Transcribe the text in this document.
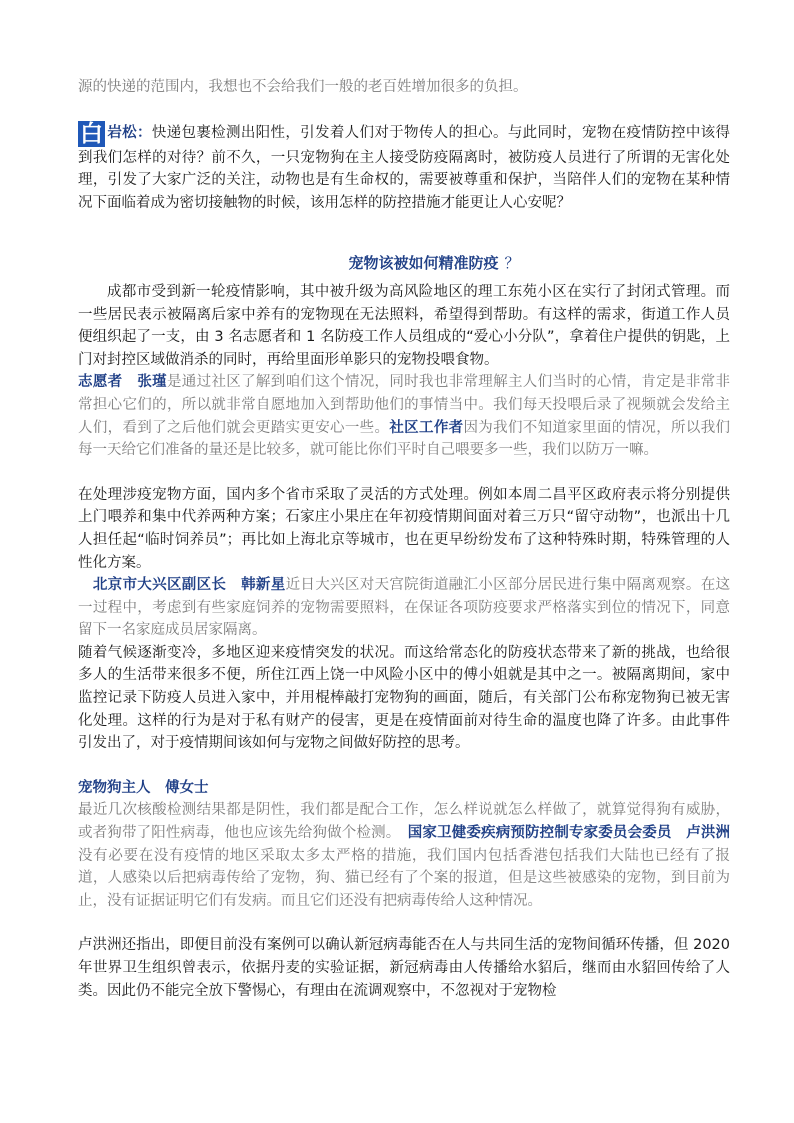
源的快递的范围内，我想也不会给我们一般的老百姓增加很多的负担。

白 岩松：快递包裹检测出阳性，引发着人们对于物传人的担心。与此同时，宠物在疫情防控中该得到我们怎样的对待？前不久，一只宠物狗在主人接受防疫隔离时，被防疫人员进行了所谓的无害化处理，引发了大家广泛的关注，动物也是有生命权的，需要被尊重和保护，当陪伴人们的宠物在某种情况下面临着成为密切接触物的时候，该用怎样的防控措施才能更让人心安呢？

宠物该被如何精准防疫 ？

成都市受到新一轮疫情影响，其中被升级为高风险地区的理工东苑小区在实行了封闭式管理。而一些居民表示被隔离后家中养有的宠物现在无法照料，希望得到帮助。有这样的需求，街道工作人员便组织起了一支，由 3 名志愿者和 1 名防疫工作人员组成的“爱心小分队”，拿着住户提供的钥匙，上门对封控区域做消杀的同时，再给里面形单影只的宠物投喂食物。

志愿者　 张瑾是通过社区了解到咱们这个情况，同时我也非常理解主人们当时的心情，肯定是非常非常担心它们的，所以就非常自愿地加入到帮助他们的事情当中。我们每天投喂后录了视频就会发给主人们，看到了之后他们就会更踏实更安心一些。社区工作者因为我们不知道家里面的情况，所以我们每一天给它们准备的量还是比较多，就可能比你们平时自己喂要多一些，我们以防万一嘛。

在处理涉疫宠物方面，国内多个省市采取了灵活的方式处理。例如本周二昌平区政府表示将分别提供上门喂养和集中代养两种方案；石家庄小果庄在年初疫情期间面对着三万只“留守动物”，也派出十几人担任起“临时饲养员”；再比如上海北京等城市，也在更早纷纷发布了这种特殊时期，特殊管理的人性化方案。

　北京市大兴区副区长　 韩新星近日大兴区对天宫院街道融汇小区部分居民进行集中隔离观察。在这一过程中，考虑到有些家庭饲养的宠物需要照料，在保证各项防疫要求严格落实到位的情况下，同意留下一名家庭成员居家隔离。

随着气候逐渐变冷，多地区迎来疫情突发的状况。而这给常态化的防疫状态带来了新的挑战，也给很多人的生活带来很多不便，所住江西上饶一中风险小区中的傅小姐就是其中之一。被隔离期间，家中监控记录下防疫人员进入家中，并用棍棒敲打宠物狗的画面，随后，有关部门公布称宠物狗已被无害化处理。这样的行为是对于私有财产的侵害，更是在疫情面前对待生命的温度也降了许多。由此事件引发出了，对于疫情期间该如何与宠物之间做好防控的思考。

宠物狗主人　傅女士

最近几次核酸检测结果都是阴性，我们都是配合工作，怎么样说就怎么样做了，就算觉得狗有威胁，或者狗带了阳性病毒，他也应该先给狗做个检测。　 国家卫健委疾病预防控制专家委员会委员　 卢洪洲没有必要在没有疫情的地区采取太多太严格的措施，我们国内包括香港包括我们大陆也已经有了报道，人感染以后把病毒传给了宠物，狗、猫已经有了个案的报道，但是这些被感染的宠物，到目前为止，没有证据证明它们有发病。而且它们还没有把病毒传给人这种情况。

卢洪洲还指出，即便目前没有案例可以确认新冠病毒能否在人与共同生活的宠物间循环传播，但 2020 年世界卫生组织曾表示，依据丹麦的实验证据，新冠病毒由人传播给水貂后，继而由水貂回传给了人类。因此仍不能完全放下警惕心，有理由在流调观察中，不忽视对于宠物检
